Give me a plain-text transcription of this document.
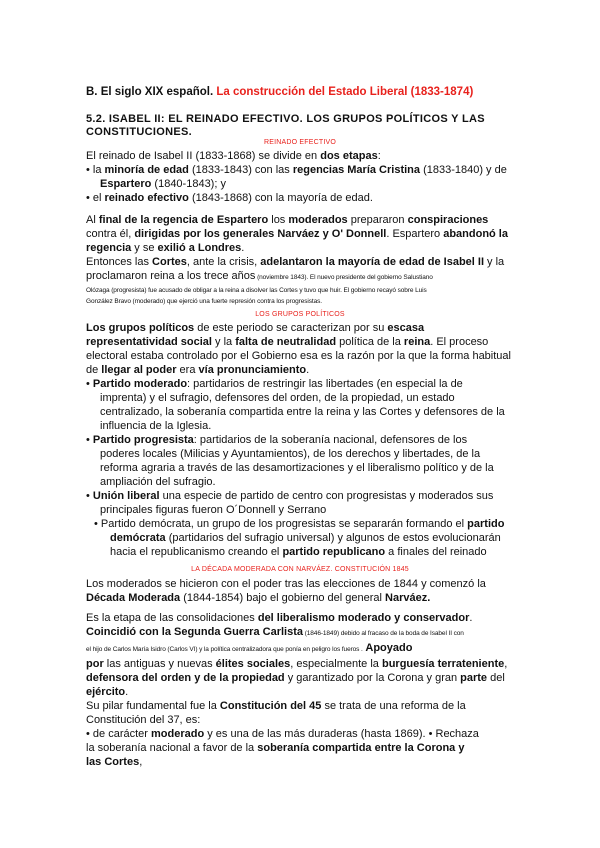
B. El siglo XIX español. La construcción del Estado Liberal (1833-1874)
5.2. ISABEL II: EL REINADO EFECTIVO. LOS GRUPOS POLÍTICOS Y LAS CONSTITUCIONES.
REINADO EFECTIVO

El reinado de Isabel II (1833-1868) se divide en dos etapas:

• la minoría de edad (1833-1843) con las regencias María Cristina (1833-1840) y de

Espartero (1840-1843); y

• el reinado efectivo (1843-1868) con la mayoría de edad.

Al final de la regencia de Espartero los moderados prepararon conspiraciones

contra él, dirigidas por los generales Narváez y O' Donnell. Espartero abandonó la

regencia y se exilió a Londres.

Entonces las Cortes, ante la crisis, adelantaron la mayoría de edad de Isabel II y la

proclamaron reina a los trece años (noviembre 1843). El nuevo presidente del gobierno Salustiano

Olózaga (progresista) fue acusado de obligar a la reina a disolver las Cortes y tuvo que huir. El gobierno recayó sobre Luis

González Bravo (moderado) que ejerció una fuerte represión contra los progresistas.

LOS GRUPOS POLÍTICOS

Los grupos políticos de este periodo se caracterizan por su escasa

representatividad social y la falta de neutralidad política de la reina. El proceso

electoral estaba controlado por el Gobierno esa es la razón por la que la forma habitual

de llegar al poder era vía pronunciamiento.

• Partido moderado: partidarios de restringir las libertades (en especial la de

imprenta) y el sufragio, defensores del orden, de la propiedad, un estado

centralizado, la soberanía compartida entre la reina y las Cortes y defensores de la

influencia de la Iglesia.

• Partido progresista: partidarios de la soberanía nacional, defensores de los

poderes locales (Milicias y Ayuntamientos), de los derechos y libertades, de la

reforma agraria a través de las desamortizaciones y el liberalismo político y de la

ampliación del sufragio.

• Unión liberal una especie de partido de centro con progresistas y moderados sus

principales figuras fueron O´Donnell y Serrano

• Partido demócrata, un grupo de los progresistas se separarán formando el partido

demócrata (partidarios del sufragio universal) y algunos de estos evolucionarán

hacia el republicanismo creando el partido republicano a finales del reinado

LA DÉCADA MODERADA CON NARVÁEZ. CONSTITUCIÓN 1845

Los moderados se hicieron con el poder tras las elecciones de 1844 y comenzó la

Década Moderada (1844-1854) bajo el gobierno del general Narváez.

Es la etapa de las consolidaciones del liberalismo moderado y conservador.

Coincidió con la Segunda Guerra Carlista (1846-1849) debido al fracaso de la boda de Isabel II con

el hijo de Carlos María Isidro (Carlos VI) y la política centralizadora que ponía en peligro los fueros . Apoyado

por las antiguas y nuevas élites sociales, especialmente la burguesía terrateniente,

defensora del orden y de la propiedad y garantizado por la Corona y gran parte del

ejército.

Su pilar fundamental fue la Constitución del 45 se trata de una reforma de la

Constitución del 37, es:

• de carácter moderado y es una de las más duraderas (hasta 1869). • Rechaza

la soberanía nacional a favor de la soberanía compartida entre la Corona y

las Cortes,
